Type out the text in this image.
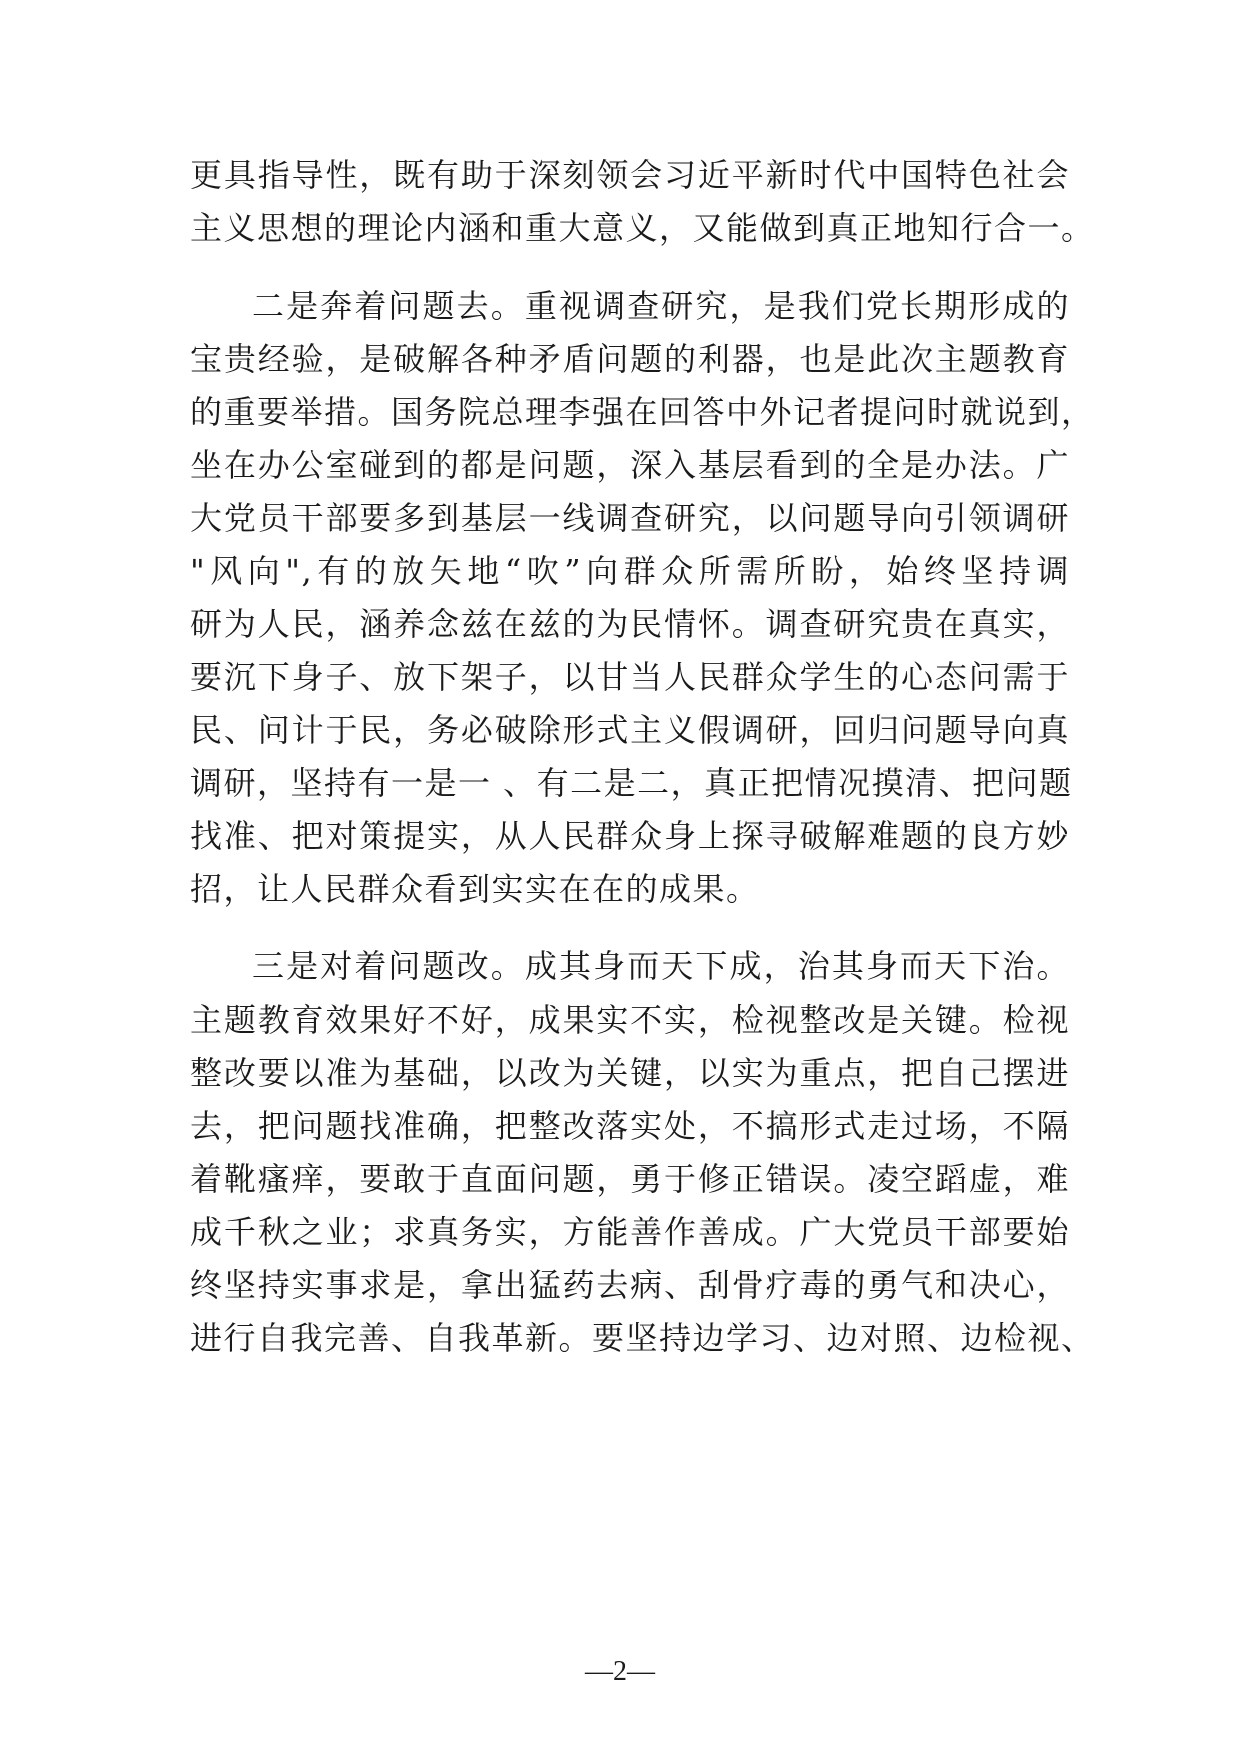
更具指导性，既有助于深刻领会习近平新时代中国特色社会
主义思想的理论内涵和重大意义，又能做到真正地知行合一。
二是奔着问题去。重视调查研究，是我们党长期形成的
宝贵经验，是破解各种矛盾问题的利器，也是此次主题教育
的重要举措。国务院总理李强在回答中外记者提问时就说到，
坐在办公室碰到的都是问题，深入基层看到的全是办法。广
大党员干部要多到基层一线调查研究，以问题导向引领调研
"风向",有的放矢地“吹”向群众所需所盼，始终坚持调
研为人民，涵养念兹在兹的为民情怀。调查研究贵在真实，
要沉下身子、放下架子，以甘当人民群众学生的心态问需于
民、问计于民，务必破除形式主义假调研，回归问题导向真
调研，坚持有一是一 、有二是二，真正把情况摸清、把问题
找准、把对策提实，从人民群众身上探寻破解难题的良方妙
招，让人民群众看到实实在在的成果。
三是对着问题改。成其身而天下成，治其身而天下治。
主题教育效果好不好，成果实不实，检视整改是关键。检视
整改要以准为基础，以改为关键，以实为重点，把自己摆进
去，把问题找准确，把整改落实处，不搞形式走过场，不隔
着靴瘙痒，要敢于直面问题，勇于修正错误。凌空蹈虚，难
成千秋之业；求真务实，方能善作善成。广大党员干部要始
终坚持实事求是，拿出猛药去病、刮骨疗毒的勇气和决心，
进行自我完善、自我革新。要坚持边学习、边对照、边检视、
—2—
